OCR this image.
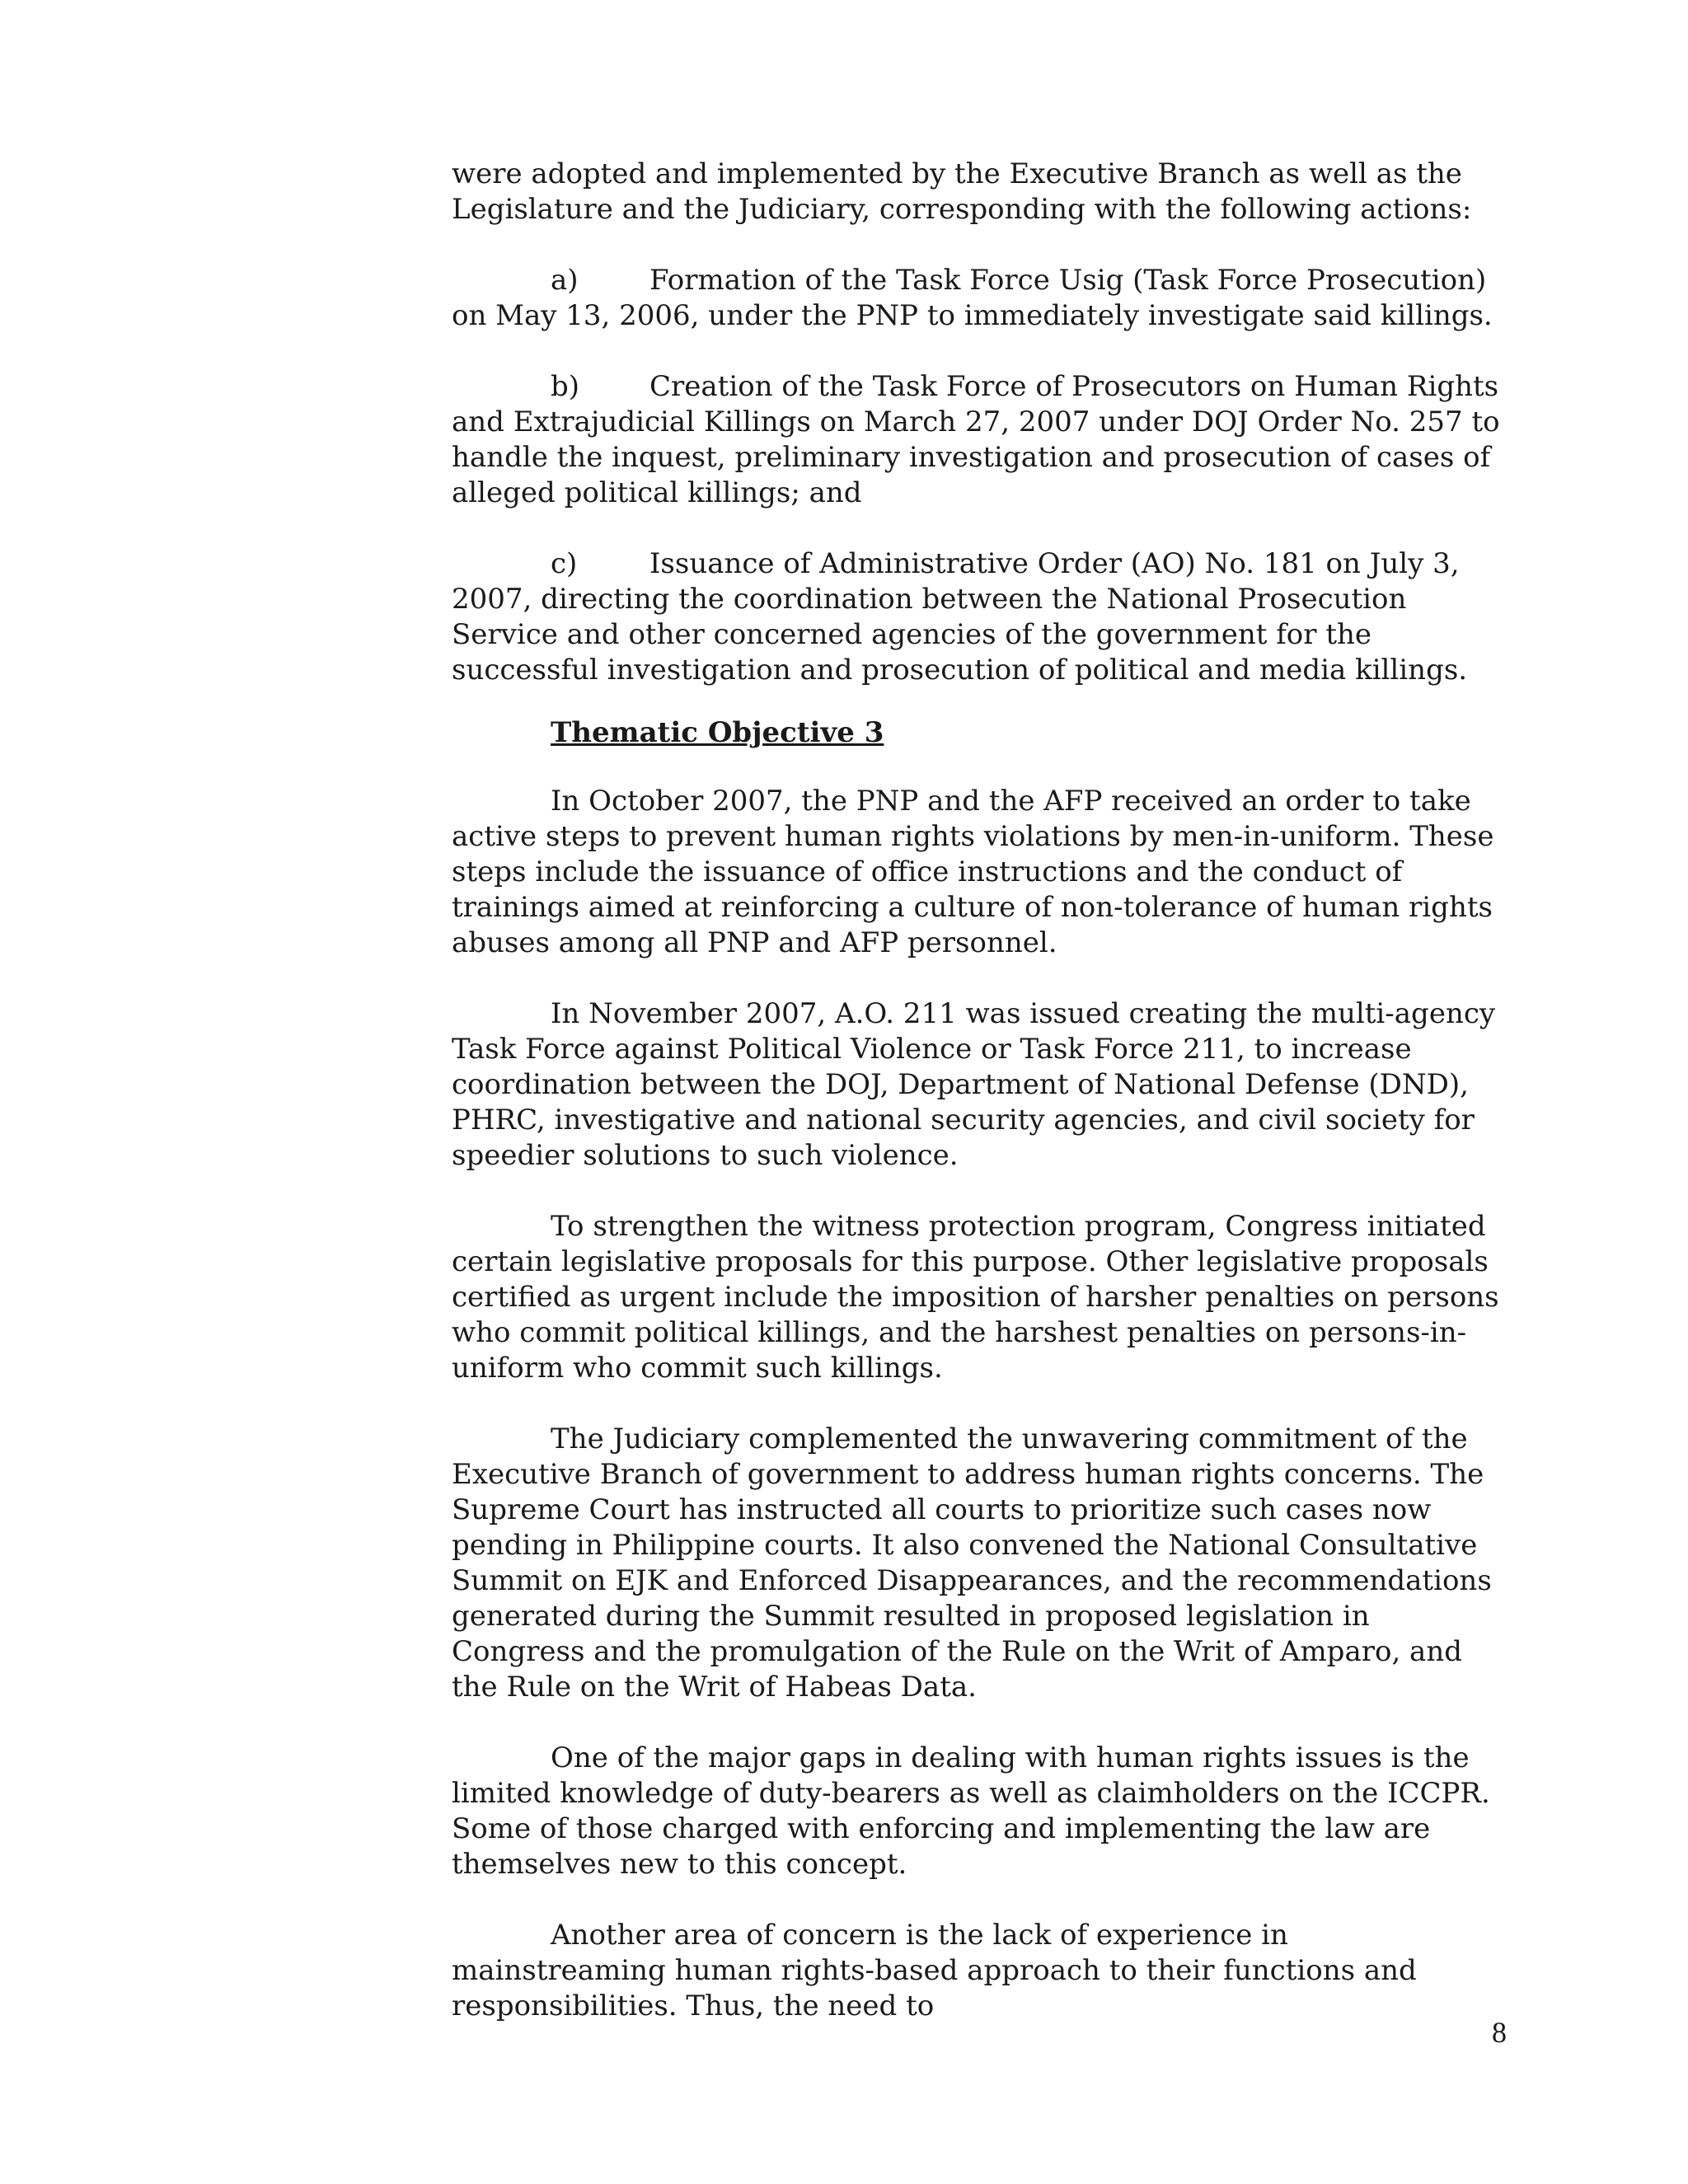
were adopted and implemented by the Executive Branch as well as the Legislature and the Judiciary, corresponding with the following actions:

a)	Formation of the Task Force Usig (Task Force Prosecution) on May 13, 2006, under the PNP to immediately investigate said killings.

b) Creation of the Task Force of Prosecutors on Human Rights and Extrajudicial Killings on March 27, 2007 under DOJ Order No. 257 to handle the inquest, preliminary investigation and prosecution of cases of alleged political killings; and

c)	Issuance of Administrative Order (AO) No. 181 on July 3, 2007, directing the coordination between the National Prosecution Service and other concerned agencies of the government for the successful investigation and prosecution of political and media killings.

Thematic Objective 3

In October 2007, the PNP and the AFP received an order to take active steps to prevent human rights violations by men-in-uniform. These steps include the issuance of office instructions and the conduct of trainings aimed at reinforcing a culture of non-tolerance of human rights abuses among all PNP and AFP personnel.

In November 2007, A.O. 211 was issued creating the multi-agency Task Force against Political Violence or Task Force 211, to increase coordination between the DOJ, Department of National Defense (DND), PHRC, investigative and national security agencies, and civil society for speedier solutions to such violence.

To strengthen the witness protection program, Congress initiated certain legislative proposals for this purpose. Other legislative proposals certified as urgent include the imposition of harsher penalties on persons who commit political killings, and the harshest penalties on persons-in-uniform who commit such killings.

The Judiciary complemented the unwavering commitment of the Executive Branch of government to address human rights concerns. The Supreme Court has instructed all courts to prioritize such cases now pending in Philippine courts. It also convened the National Consultative Summit on EJK and Enforced Disappearances, and the recommendations generated during the Summit resulted in proposed legislation in Congress and the promulgation of the Rule on the Writ of Amparo, and the Rule on the Writ of Habeas Data.

One of the major gaps in dealing with human rights issues is the limited knowledge of duty-bearers as well as claimholders on the ICCPR. Some of those charged with enforcing and implementing the law are themselves new to this concept.

Another area of concern is the lack of experience in mainstreaming human rights-based approach to their functions and responsibilities. Thus, the need to

8
